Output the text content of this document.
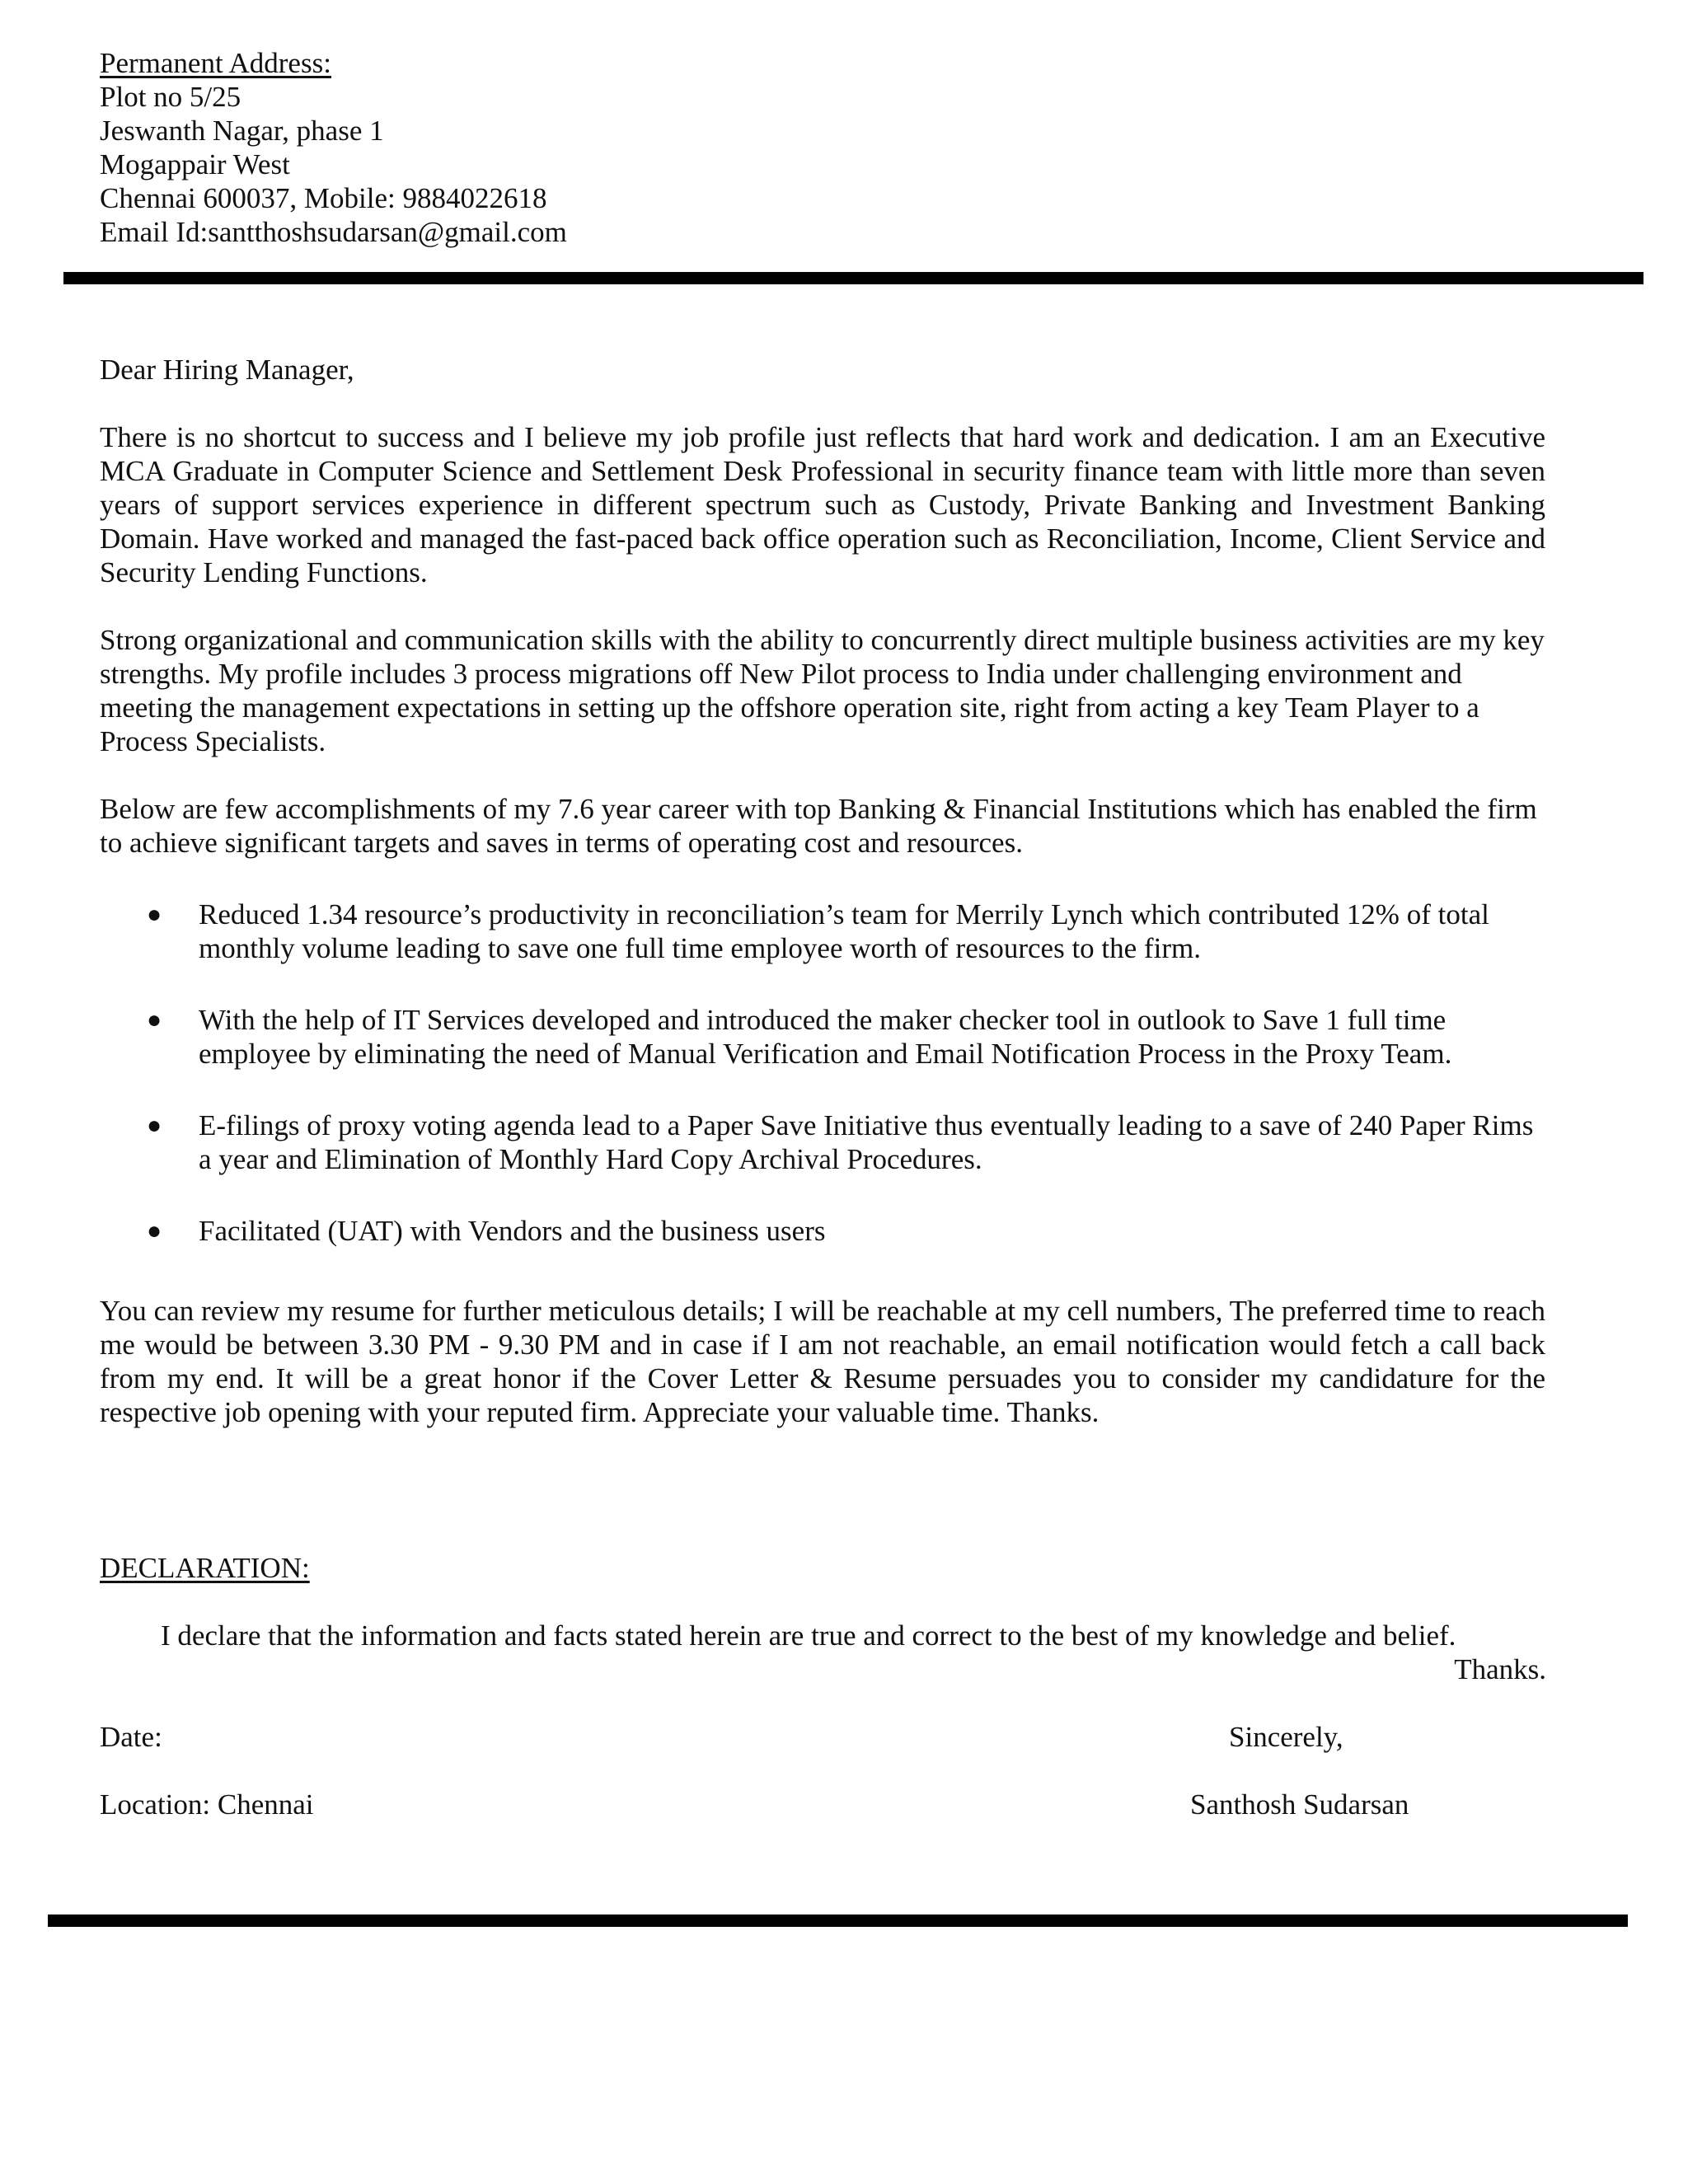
Permanent Address:
Plot no 5/25
Jeswanth Nagar, phase 1
Mogappair West
Chennai 600037, Mobile: 9884022618
Email Id:santthoshsudarsan@gmail.com

Dear Hiring Manager,

There is no shortcut to success and I believe my job profile just reflects that hard work and dedication. I am an Executive MCA Graduate in Computer Science and Settlement Desk Professional in security finance team with little more than seven years of support services experience in different spectrum such as Custody, Private Banking and Investment Banking Domain. Have worked and managed the fast-paced back office operation such as Reconciliation, Income, Client Service and Security Lending Functions.

Strong organizational and communication skills with the ability to concurrently direct multiple business activities are my key strengths. My profile includes 3 process migrations off New Pilot process to India under challenging environment and meeting the management expectations in setting up the offshore operation site, right from acting a key Team Player to a Process Specialists.

Below are few accomplishments of my 7.6 year career with top Banking & Financial Institutions which has enabled the firm to achieve significant targets and saves in terms of operating cost and resources.

● Reduced 1.34 resource’s productivity in reconciliation’s team for Merrily Lynch which contributed 12% of total monthly volume leading to save one full time employee worth of resources to the firm.
● With the help of IT Services developed and introduced the maker checker tool in outlook to Save 1 full time employee by eliminating the need of Manual Verification and Email Notification Process in the Proxy Team.
● E-filings of proxy voting agenda lead to a Paper Save Initiative thus eventually leading to a save of 240 Paper Rims a year and Elimination of Monthly Hard Copy Archival Procedures.
● Facilitated (UAT) with Vendors and the business users

You can review my resume for further meticulous details; I will be reachable at my cell numbers, The preferred time to reach me would be between 3.30 PM - 9.30 PM and in case if I am not reachable, an email notification would fetch a call back from my end. It will be a great honor if the Cover Letter & Resume persuades you to consider my candidature for the respective job opening with your reputed firm. Appreciate your valuable time. Thanks.

DECLARATION:
I declare that the information and facts stated herein are true and correct to the best of my knowledge and belief.
Thanks.
Date:
Location: Chennai
Sincerely,
Santhosh Sudarsan
